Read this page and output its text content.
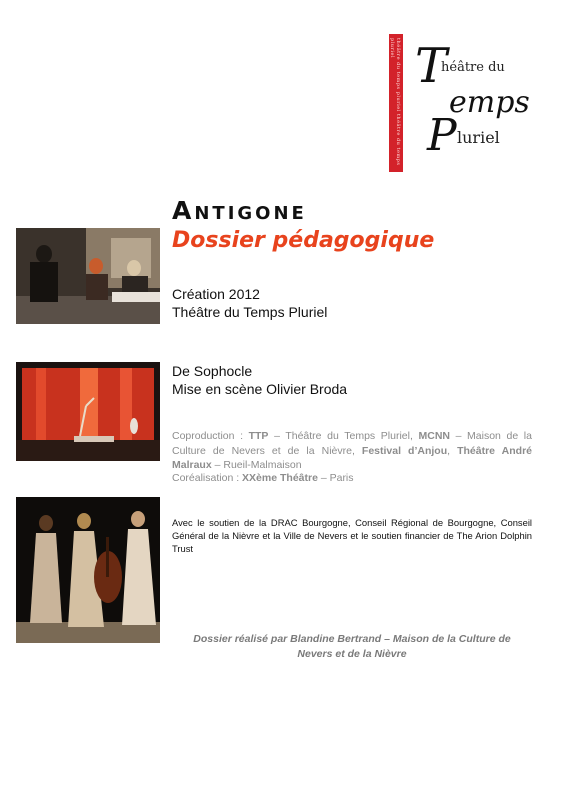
théâtre du temps pluriel théâtre du temps pluriel T
héâtre du
emps
P luriel
Antigone
Dossier pédagogique
Création 2012
Théâtre du Temps Pluriel
De Sophocle
Mise en scène Olivier Broda
Coproduction : TTP – Théâtre du Temps Pluriel, MCNN – Maison de la Culture de Nevers et de la Nièvre, Festival d’Anjou, Théâtre André Malraux – Rueil-Malmaison
Coréalisation : XXème Théâtre – Paris
Avec le soutien de la DRAC Bourgogne, Conseil Régional de Bourgogne, Conseil Général de la Nièvre et la Ville de Nevers et le soutien financier de The Arion Dolphin Trust
Dossier réalisé par Blandine Bertrand – Maison de la Culture de
Nevers et de la Nièvre
